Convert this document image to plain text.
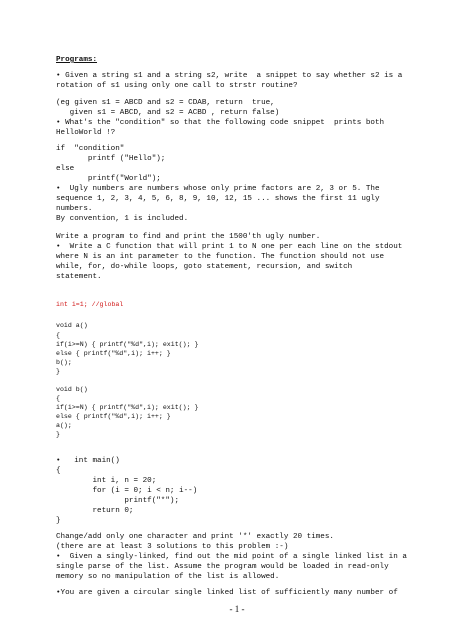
Programs:
• Given a string s1 and a string s2, write  a snippet to say whether s2 is a
rotation of s1 using only one call to strstr routine?
(eg given s1 = ABCD and s2 = CDAB, return  true,
given s1 = ABCD, and s2 = ACBD , return false)
• What's the "condition" so that the following code snippet  prints both
HelloWorld !?
if  "condition"
printf ("Hello");
else
printf("World");
•  Ugly numbers are numbers whose only prime factors are 2, 3 or 5. The
sequence 1, 2, 3, 4, 5, 6, 8, 9, 10, 12, 15 ... shows the first 11 ugly
numbers.
By convention, 1 is included.
Write a program to find and print the 1500'th ugly number.
•  Write a C function that will print 1 to N one per each line on the stdout
where N is an int parameter to the function. The function should not use
while, for, do-while loops, goto statement, recursion, and switch
statement.
int i=1; //global
void a()
{
if(i>=N) { printf("%d",i); exit(); }
else { printf("%d",i); i++; }
b();
}
void b()
{
if(i>=N) { printf("%d",i); exit(); }
else { printf("%d",i); i++; }
a();
}
•   int main()
{
int i, n = 20;
for (i = 0; i < n; i--)
printf("*");
return 0;
}
Change/add only one character and print '*' exactly 20 times.
(there are at least 3 solutions to this problem :-)
•  Given a singly-linked, find out the mid point of a single linked list in a
single parse of the list. Assume the program would be loaded in read-only
memory so no manipulation of the list is allowed.
•You are given a circular single linked list of sufficiently many number of
- 1 -
